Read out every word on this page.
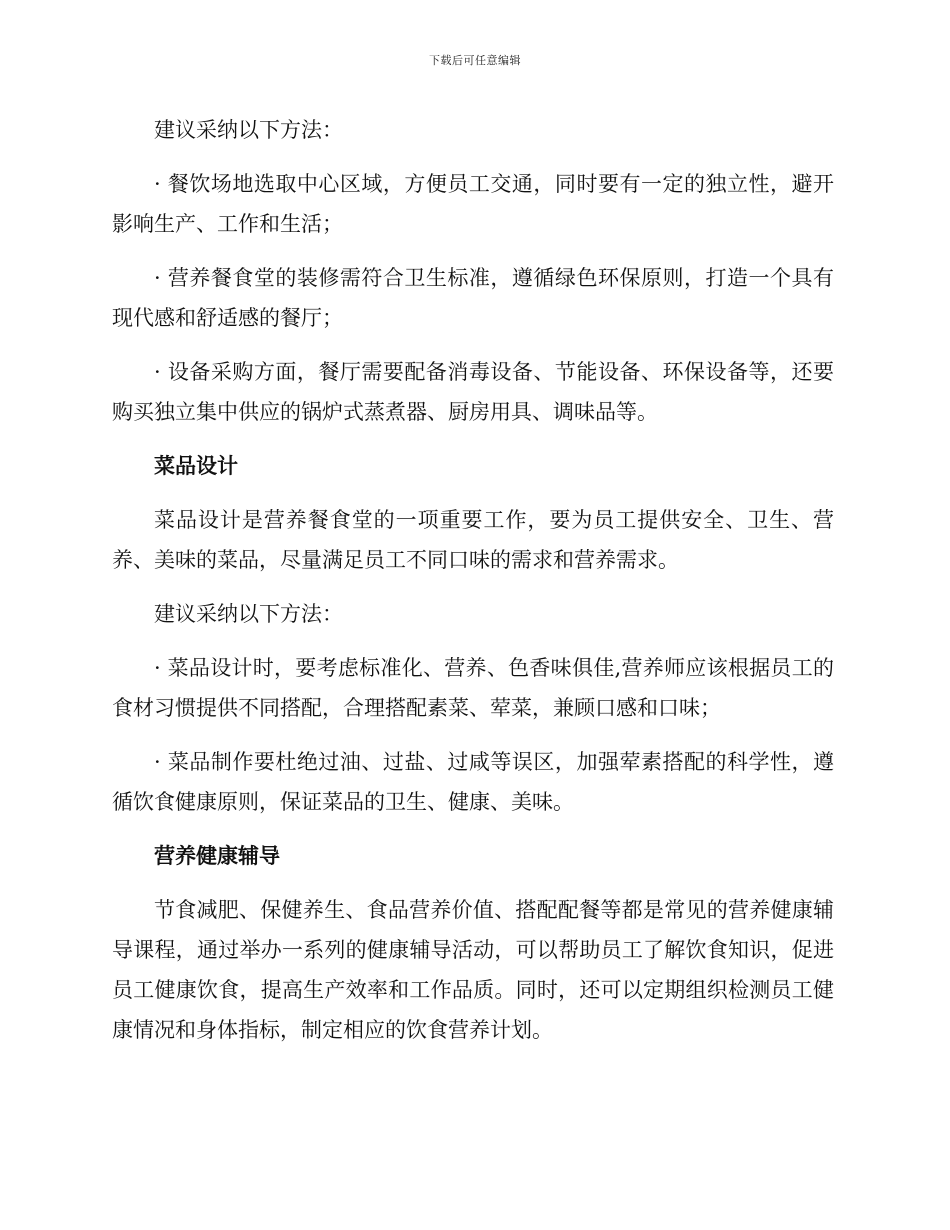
下载后可任意编辑

建议采纳以下方法：

· 餐饮场地选取中心区域，方便员工交通，同时要有一定的独立性，避开影响生产、工作和生活；

· 营养餐食堂的装修需符合卫生标准，遵循绿色环保原则，打造一个具有现代感和舒适感的餐厅；

· 设备采购方面，餐厅需要配备消毒设备、节能设备、环保设备等，还要购买独立集中供应的锅炉式蒸煮器、厨房用具、调味品等。

菜品设计

菜品设计是营养餐食堂的一项重要工作，要为员工提供安全、卫生、营养、美味的菜品，尽量满足员工不同口味的需求和营养需求。

建议采纳以下方法：

· 菜品设计时，要考虑标准化、营养、色香味俱佳,营养师应该根据员工的食材习惯提供不同搭配，合理搭配素菜、荤菜，兼顾口感和口味；

· 菜品制作要杜绝过油、过盐、过咸等误区，加强荤素搭配的科学性，遵循饮食健康原则，保证菜品的卫生、健康、美味。

营养健康辅导

节食减肥、保健养生、食品营养价值、搭配配餐等都是常见的营养健康辅导课程，通过举办一系列的健康辅导活动，可以帮助员工了解饮食知识，促进员工健康饮食，提高生产效率和工作品质。同时，还可以定期组织检测员工健康情况和身体指标，制定相应的饮食营养计划。
